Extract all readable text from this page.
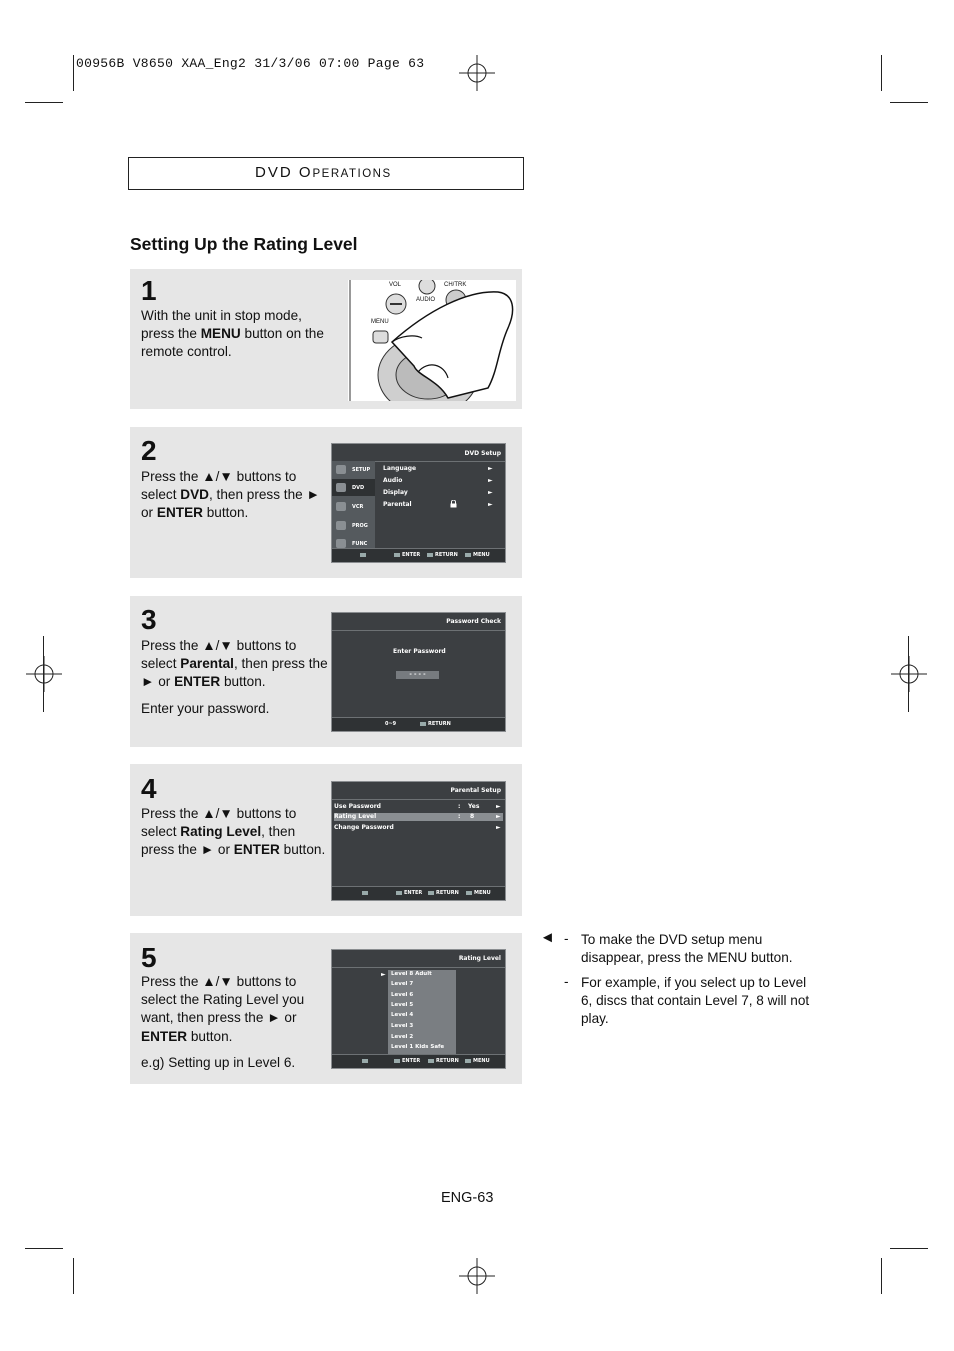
00956B V8650 XAA_Eng2 31/3/06 07:00 Page 63
DVD OPERATIONS
Setting Up the Rating Level
1

With the unit in stop mode, press the MENU button on the remote control.

VOL
AUDIO
CH/TRK
MENU
2

Press the ▲/▼ buttons to select DVD, then press the ► or ENTER button.

DVD Setup
SETUP
DVD
VCR
PROG
FUNC
Language
Audio
Display
Parental
►
►
►
►
ENTER	RETURN	MENU
3

Press the ▲/▼ buttons to select Parental, then press the ► or ENTER button.

Enter your password.

Password Check
Enter Password
- - - -
0~9	RETURN
4

Press the ▲/▼ buttons to select Rating Level, then press the ► or ENTER button.

Parental Setup
Use Password	: Yes	►
Rating Level	: 8	►
Change Password	►
ENTER	RETURN	MENU
5

Press the ▲/▼ buttons to select the Rating Level you want, then press the ► or ENTER button.

e.g) Setting up in Level 6.

Rating Level
► Level 8 Adult
Level 7
Level 6
Level 5
Level 4
Level 3
Level 2
Level 1 Kids Safe
ENTER	RETURN	MENU
◄ - To make the DVD setup menu disappear, press the MENU button.
- For example, if you select up to Level 6, discs that contain Level 7, 8 will not play.
ENG-63
